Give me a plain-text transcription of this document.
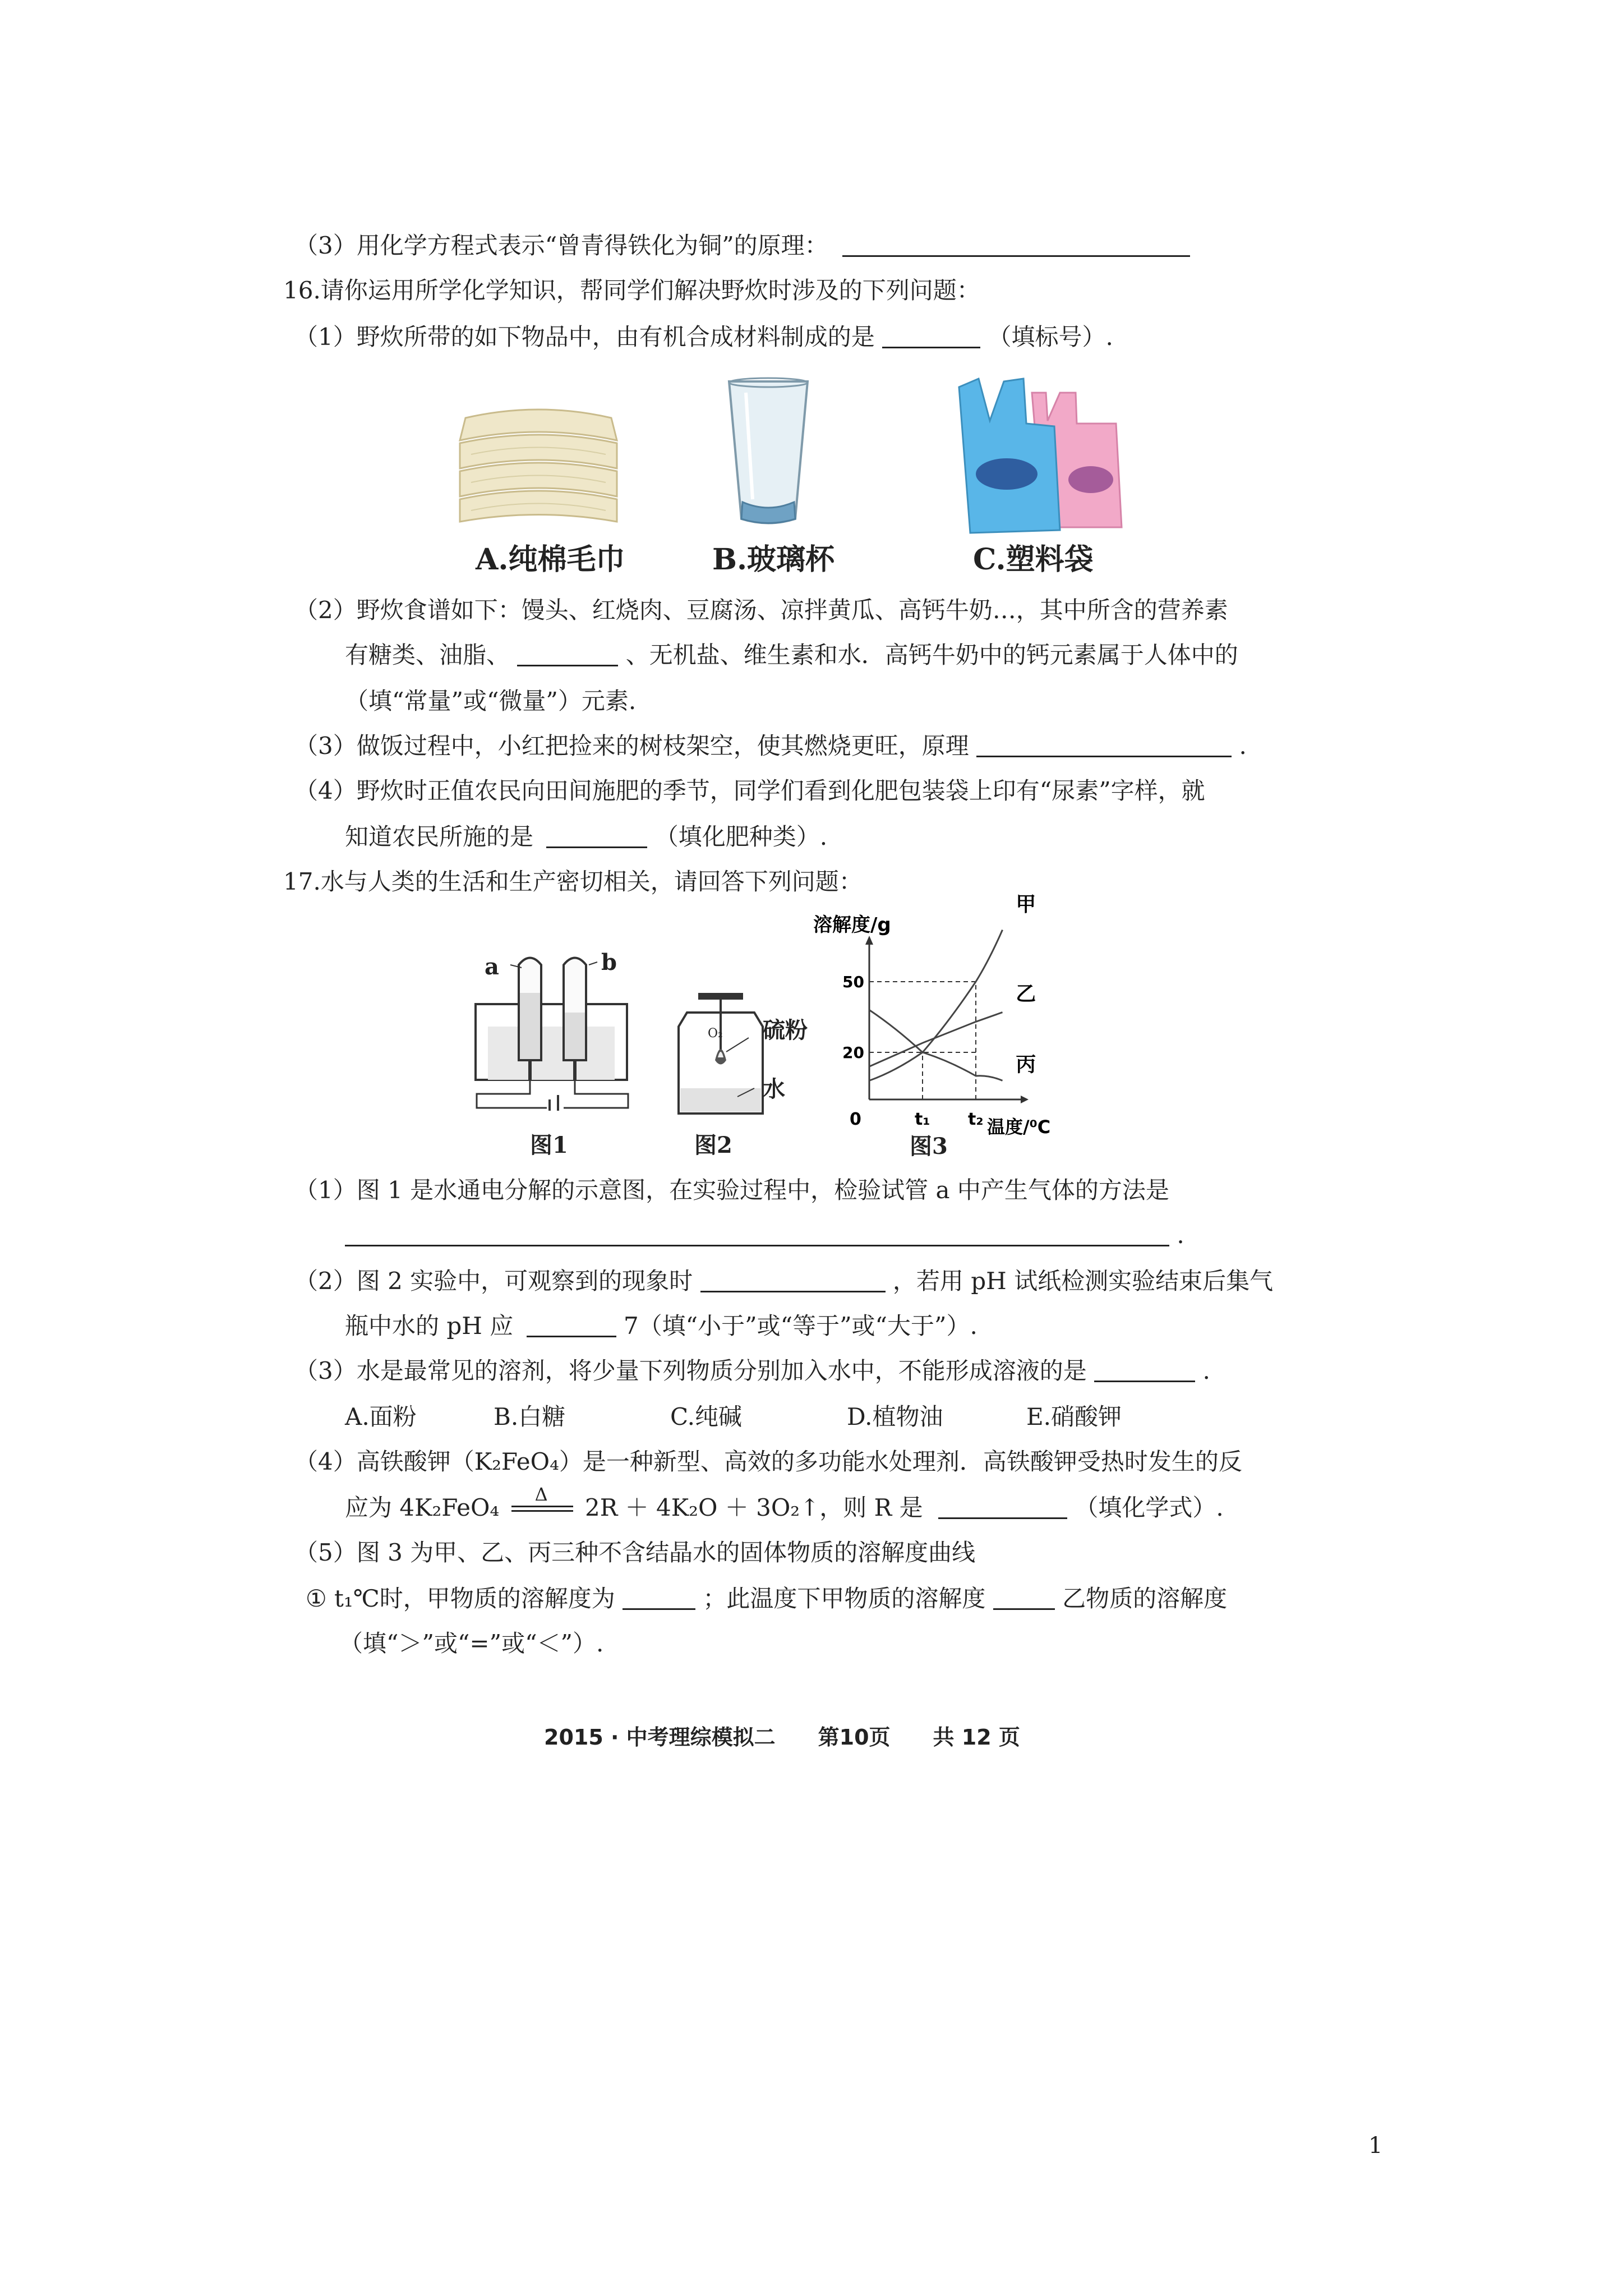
（3）用化学方程式表示“曾青得铁化为铜”的原理：
16.请你运用所学化学知识，帮同学们解决野炊时涉及的下列问题：
（1）野炊所带的如下物品中，由有机合成材料制成的是	（填标号）.
A.纯棉毛巾	B.玻璃杯	C.塑料袋
（2）野炊食谱如下：馒头、红烧肉、豆腐汤、凉拌黄瓜、高钙牛奶…，其中所含的营养素
有糖类、油脂、	、无机盐、维生素和水．高钙牛奶中的钙元素属于人体中的
（填“常量”或“微量”）元素.
（3）做饭过程中，小红把捡来的树枝架空，使其燃烧更旺，原理	.
（4）野炊时正值农民向田间施肥的季节，同学们看到化肥包装袋上印有“尿素”字样，就
知道农民所施的是	（填化肥种类）.
17.水与人类的生活和生产密切相关，请回答下列问题：
a	b
图1
硫粉
水
O₂
图2
溶解度/g
温度/⁰C
50
20
0	t₁ t₂
甲
乙
丙
图3
（1）图 1 是水通电分解的示意图，在实验过程中，检验试管 a 中产生气体的方法是
.
（2）图 2 实验中，可观察到的现象时	，若用 pH 试纸检测实验结束后集气
瓶中水的 pH 应	7（填“小于”或“等于”或“大于”）.
（3）水是最常见的溶剂，将少量下列物质分别加入水中，不能形成溶液的是	.
A.面粉	B.白糖	C.纯碱	D.植物油	E.硝酸钾
（4）高铁酸钾（K₂FeO₄）是一种新型、高效的多功能水处理剂．高铁酸钾受热时发生的反
应为 4K₂FeO₄ Δ 2R ＋ 4K₂O ＋ 3O₂↑，则 R 是	（填化学式）.
（5）图 3 为甲、乙、丙三种不含结晶水的固体物质的溶解度曲线
① t₁℃时，甲物质的溶解度为	；此温度下甲物质的溶解度	乙物质的溶解度
（填“＞”或“=”或“＜”）.
2015 · 中考理综模拟二　　第10页　　共 12 页
1
